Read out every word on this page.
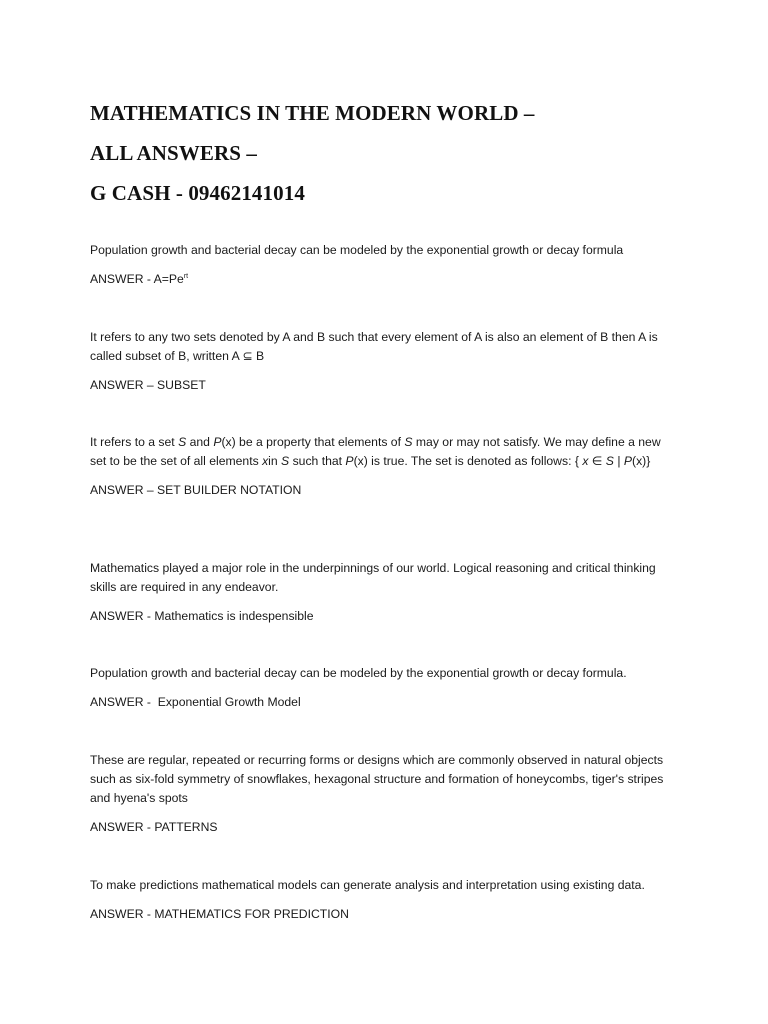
MATHEMATICS IN THE MODERN WORLD –
ALL ANSWERS –
G CASH - 09462141014
Population growth and bacterial decay can be modeled by the exponential growth or decay formula
ANSWER - $A=Pe^{rt}$
It refers to any two sets denoted by A and B such that every element of A is also an element of B then A is called subset of B, written A ⊆ B
ANSWER – SUBSET
It refers to a set S and P(x) be a property that elements of S may or may not satisfy. We may define a new set to be the set of all elements xin S such that P(x) is true. The set is denoted as follows: { x ∈ S | P(x)}
ANSWER – SET BUILDER NOTATION
Mathematics played a major role in the underpinnings of our world. Logical reasoning and critical thinking skills are required in any endeavor.
ANSWER - Mathematics is indespensible
Population growth and bacterial decay can be modeled by the exponential growth or decay formula.
ANSWER -  Exponential Growth Model
These are regular, repeated or recurring forms or designs which are commonly observed in natural objects such as six-fold symmetry of snowflakes, hexagonal structure and formation of honeycombs, tiger's stripes and hyena's spots
ANSWER - PATTERNS
To make predictions mathematical models can generate analysis and interpretation using existing data.
ANSWER - MATHEMATICS FOR PREDICTION
